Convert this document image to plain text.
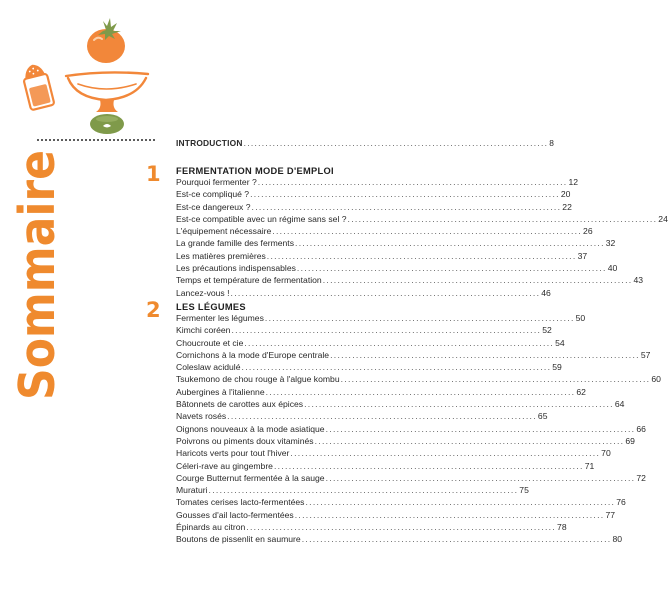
Sommaire	INTRODUCTION .................................................................................... 8
1	FERMENTATION MODE D'EMPLOI
Pourquoi fermenter ? .................................................................................... 12
Est-ce compliqué ? .................................................................................... 20
Est-ce dangereux ? .................................................................................... 22
Est-ce compatible avec un régime sans sel ? .................................................................................... 24
L'équipement nécessaire .................................................................................... 26
La grande famille des ferments .................................................................................... 32
Les matières premières .................................................................................... 37
Les précautions indispensables .................................................................................... 40
Temps et température de fermentation .................................................................................... 43
Lancez-vous ! .................................................................................... 46
2	LES LÉGUMES
Fermenter les légumes .................................................................................... 50
Kimchi coréen .................................................................................... 52
Choucroute et cie .................................................................................... 54
Cornichons à la mode d'Europe centrale .................................................................................... 57
Coleslaw acidulé .................................................................................... 59
Tsukemono de chou rouge à l'algue kombu .................................................................................... 60
Aubergines à l'italienne .................................................................................... 62
Bâtonnets de carottes aux épices .................................................................................... 64
Navets rosés .................................................................................... 65
Oignons nouveaux à la mode asiatique .................................................................................... 66
Poivrons ou piments doux vitaminés .................................................................................... 69
Haricots verts pour tout l'hiver .................................................................................... 70
Céleri-rave au gingembre .................................................................................... 71
Courge Butternut fermentée à la sauge .................................................................................... 72
Muraturi .................................................................................... 75
Tomates cerises lacto-fermentées .................................................................................... 76
Gousses d'ail lacto-fermentées .................................................................................... 77
Épinards au citron .................................................................................... 78
Boutons de pissenlit en saumure .................................................................................... 80
